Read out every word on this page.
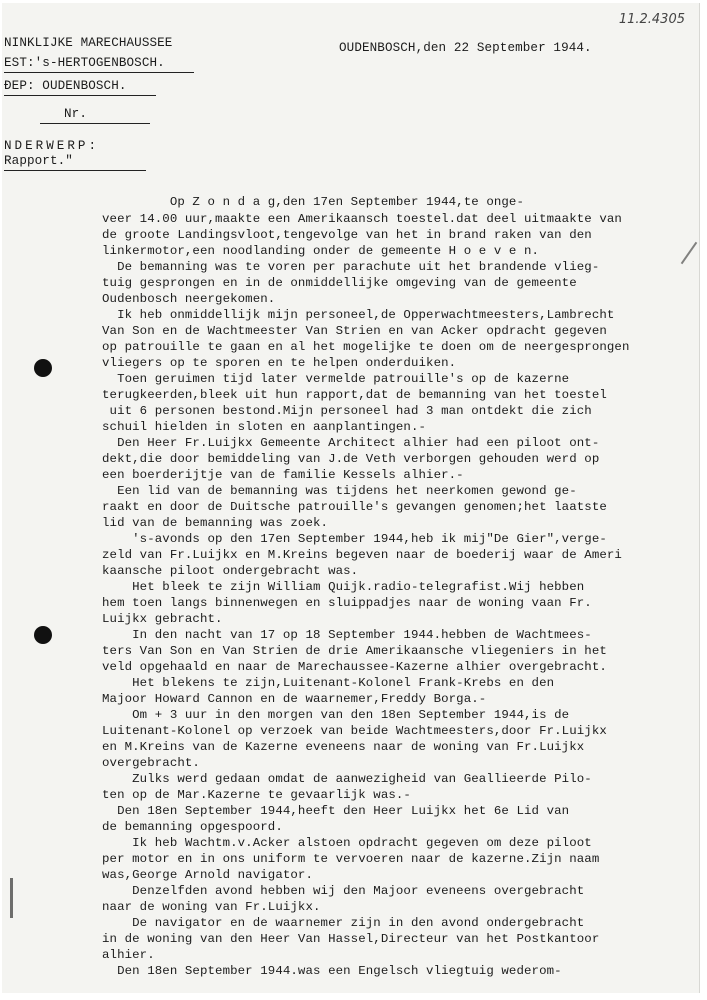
11.2.4305
NINKLIJKE MARECHAUSSEE
EST:'s-HERTOGENBOSCH.
ĐEP: OUDENBOSCH.
Nr.
NDERWERP:
Rapport."
OUDENBOSCH,den 22 September 1944.
Op Z o n d a g,den 17en September 1944,te onge-
veer 14.00 uur,maakte een Amerikaansch toestel.dat deel uitmaakte van
de groote Landingsvloot,tengevolge van het in brand raken van den
linkermotor,een noodlanding onder de gemeente H o e v e n.
De bemanning was te voren per parachute uit het brandende vlieg-
tuig gesprongen en in de onmiddellijke omgeving van de gemeente
Oudenbosch neergekomen.
Ik heb onmiddellijk mijn personeel,de Opperwachtmeesters,Lambrecht
Van Son en de Wachtmeester Van Strien en van Acker opdracht gegeven
op patrouille te gaan en al het mogelijke te doen om de neergesprongen
vliegers op te sporen en te helpen onderduiken.
Toen geruimen tijd later vermelde patrouille's op de kazerne
terugkeerden,bleek uit hun rapport,dat de bemanning van het toestel
uit 6 personen bestond.Mijn personeel had 3 man ontdekt die zich
schuil hielden in sloten en aanplantingen.-
Den Heer Fr.Luijkx Gemeente Architect alhier had een piloot ont-
dekt,die door bemiddeling van J.de Veth verborgen gehouden werd op
een boerderijtje van de familie Kessels alhier.-
Een lid van de bemanning was tijdens het neerkomen gewond ge-
raakt en door de Duitsche patrouille's gevangen genomen;het laatste
lid van de bemanning was zoek.
's-avonds op den 17en September 1944,heb ik mij"De Gier",verge-
zeld van Fr.Luijkx en M.Kreins begeven naar de boederij waar de Ameri
kaansche piloot ondergebracht was.
Het bleek te zijn William Quijk.radio-telegrafist.Wij hebben
hem toen langs binnenwegen en sluippadjes naar de woning vaan Fr.
Luijkx gebracht.
In den nacht van 17 op 18 September 1944.hebben de Wachtmees-
ters Van Son en Van Strien de drie Amerikaansche vliegeniers in het
veld opgehaald en naar de Marechaussee-Kazerne alhier overgebracht.
Het blekens te zijn,Luitenant-Kolonel Frank-Krebs en den
Majoor Howard Cannon en de waarnemer,Freddy Borga.-
Om + 3 uur in den morgen van den 18en September 1944,is de
Luitenant-Kolonel op verzoek van beide Wachtmeesters,door Fr.Luijkx
en M.Kreins van de Kazerne eveneens naar de woning van Fr.Luijkx
overgebracht.
Zulks werd gedaan omdat de aanwezigheid van Geallieerde Pilo-
ten op de Mar.Kazerne te gevaarlijk was.-
Den 18en September 1944,heeft den Heer Luijkx het 6e Lid van
de bemanning opgespoord.
Ik heb Wachtm.v.Acker alstoen opdracht gegeven om deze piloot
per motor en in ons uniform te vervoeren naar de kazerne.Zijn naam
was,George Arnold navigator.
Denzelfden avond hebben wij den Majoor eveneens overgebracht
naar de woning van Fr.Luijkx.
De navigator en de waarnemer zijn in den avond ondergebracht
in de woning van den Heer Van Hassel,Directeur van het Postkantoor
alhier.
Den 18en September 1944.was een Engelsch vliegtuig wederom-
